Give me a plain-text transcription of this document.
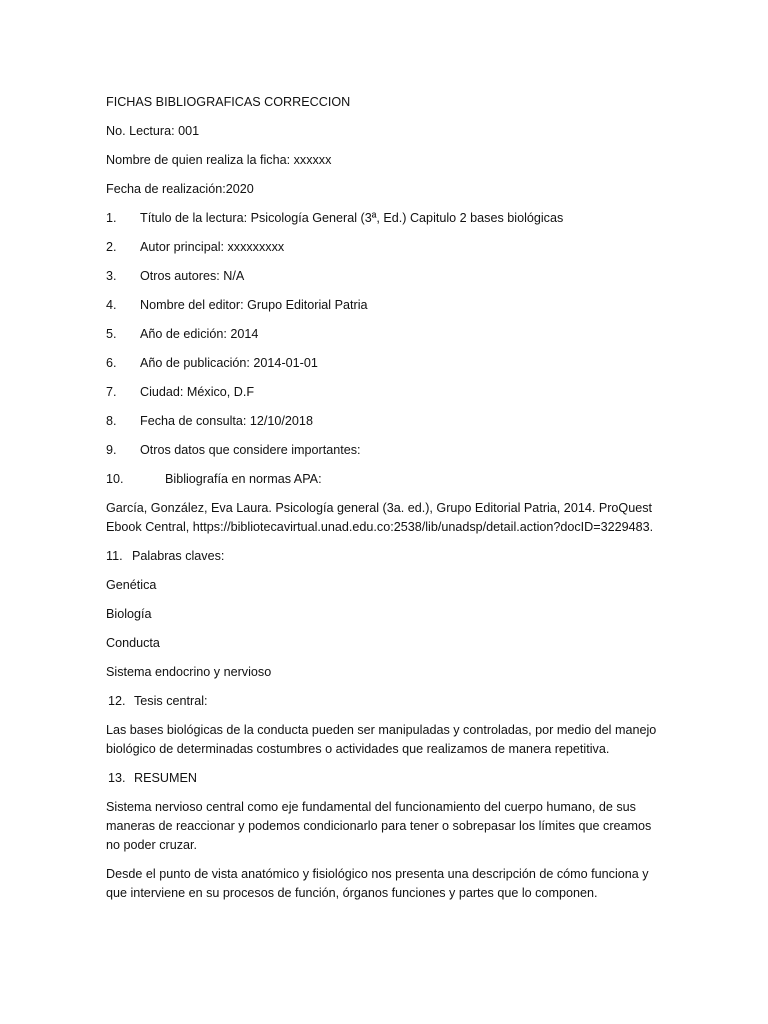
FICHAS BIBLIOGRAFICAS CORRECCION

No. Lectura: 001

Nombre de quien realiza la ficha: xxxxxx

Fecha de realización:2020

1.	Título de la lectura: Psicología General (3ª, Ed.) Capitulo 2 bases biológicas
2.	Autor principal: xxxxxxxxx
3.	Otros autores: N/A
4.	Nombre del editor: Grupo Editorial Patria
5.	Año de edición: 2014
6.	Año de publicación: 2014-01-01
7.	Ciudad: México, D.F
8.	Fecha de consulta: 12/10/2018
9.	Otros datos que considere importantes:
10.	Bibliografía en normas APA:

García, González, Eva Laura. Psicología general (3a. ed.), Grupo Editorial Patria, 2014. ProQuest Ebook Central, https://bibliotecavirtual.unad.edu.co:2538/lib/unadsp/detail.action?docID=3229483.

11. Palabras claves:

Genética

Biología

Conducta

Sistema endocrino y nervioso

12. Tesis central:

Las bases biológicas de la conducta pueden ser manipuladas y controladas, por medio del manejo biológico de determinadas costumbres o actividades que realizamos de manera repetitiva.

13. RESUMEN

Sistema nervioso central como eje fundamental del funcionamiento del cuerpo humano, de sus maneras de reaccionar y podemos condicionarlo para tener o sobrepasar los límites que creamos no poder cruzar.

Desde el punto de vista anatómico y fisiológico nos presenta una descripción de cómo funciona y que interviene en su procesos de función, órganos funciones y partes que lo componen.
